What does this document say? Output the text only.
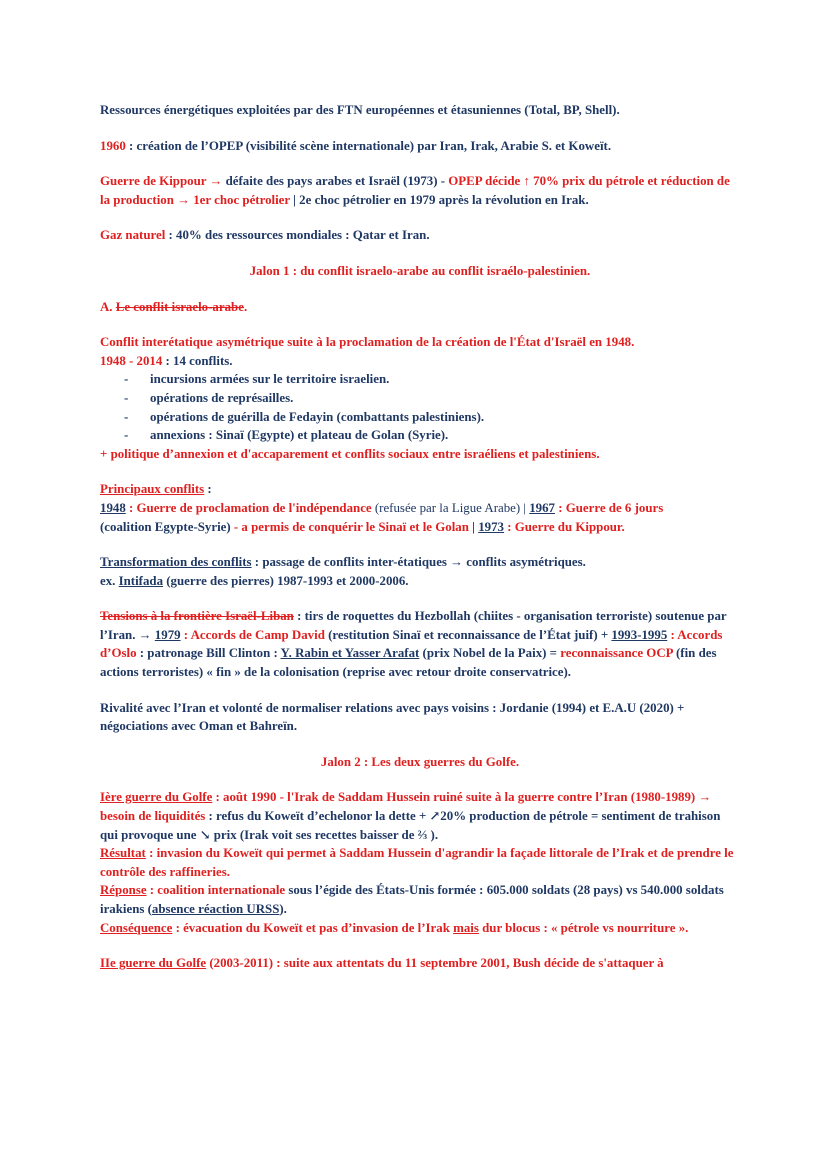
Ressources énergétiques exploitées par des FTN européennes et étasuniennes (Total, BP, Shell).

1960 : création de l’OPEP (visibilité scène internationale) par Iran, Irak, Arabie S. et Koweït.

Guerre de Kippour → défaite des pays arabes et Israël (1973) - OPEP décide ↑ 70% prix du pétrole et réduction de la production → 1er choc pétrolier | 2e choc pétrolier en 1979 après la révolution en Irak.

Gaz naturel : 40% des ressources mondiales : Qatar et Iran.

Jalon 1 : du conflit israelo-arabe au conflit israélo-palestinien.

A. Le conflit israelo-arabe.

Conflit interétatique asymétrique suite à la proclamation de la création de l'État d'Israël en 1948.

1948 - 2014 : 14 conflits.

- incursions armées sur le territoire israelien.
- opérations de représailles.
- opérations de guérilla de Fedayin (combattants palestiniens).
- annexions : Sinaï (Egypte) et plateau de Golan (Syrie).

+ politique d’annexion et d'accaparement et conflits sociaux entre israéliens et palestiniens.

Principaux conflits :

1948 : Guerre de proclamation de l'indépendance (refusée par la Ligue Arabe) | 1967 : Guerre de 6 jours
(coalition Egypte-Syrie) - a permis de conquérir le Sinaï et le Golan | 1973 : Guerre du Kippour.

Transformation des conflits : passage de conflits inter-étatiques → conflits asymétriques.
ex. Intifada (guerre des pierres) 1987-1993 et 2000-2006.

Tensions à la frontière Israël-Liban : tirs de roquettes du Hezbollah (chiites - organisation terroriste) soutenue par l’Iran. → 1979 : Accords de Camp David (restitution Sinaï et reconnaissance de l’État juif) + 1993-1995 : Accords d’Oslo : patronage Bill Clinton : Y. Rabin et Yasser Arafat (prix Nobel de la Paix) = reconnaissance OCP (fin des actions terroristes) « fin » de la colonisation (reprise avec retour droite conservatrice).

Rivalité avec l’Iran et volonté de normaliser relations avec pays voisins : Jordanie (1994) et E.A.U (2020) + négociations avec Oman et Bahreïn.

Jalon 2 : Les deux guerres du Golfe.

Ière guerre du Golfe : août 1990 - l'Irak de Saddam Hussein ruiné suite à la guerre contre l’Iran (1980-1989) → besoin de liquidités : refus du Koweït d’echelonor la dette + ↗20% production de pétrole = sentiment de trahison qui provoque une ↘ prix (Irak voit ses recettes baisser de ⅔ ).

Résultat : invasion du Koweït qui permet à Saddam Hussein d'agrandir la façade littorale de l’Irak et de prendre le contrôle des raffineries.

Réponse : coalition internationale sous l’égide des États-Unis formée : 605.000 soldats (28 pays) vs 540.000 soldats irakiens (absence réaction URSS).

Conséquence : évacuation du Koweït et pas d’invasion de l’Irak mais dur blocus : « pétrole vs nourriture ».

IIe guerre du Golfe (2003-2011) : suite aux attentats du 11 septembre 2001, Bush décide de s'attaquer à
